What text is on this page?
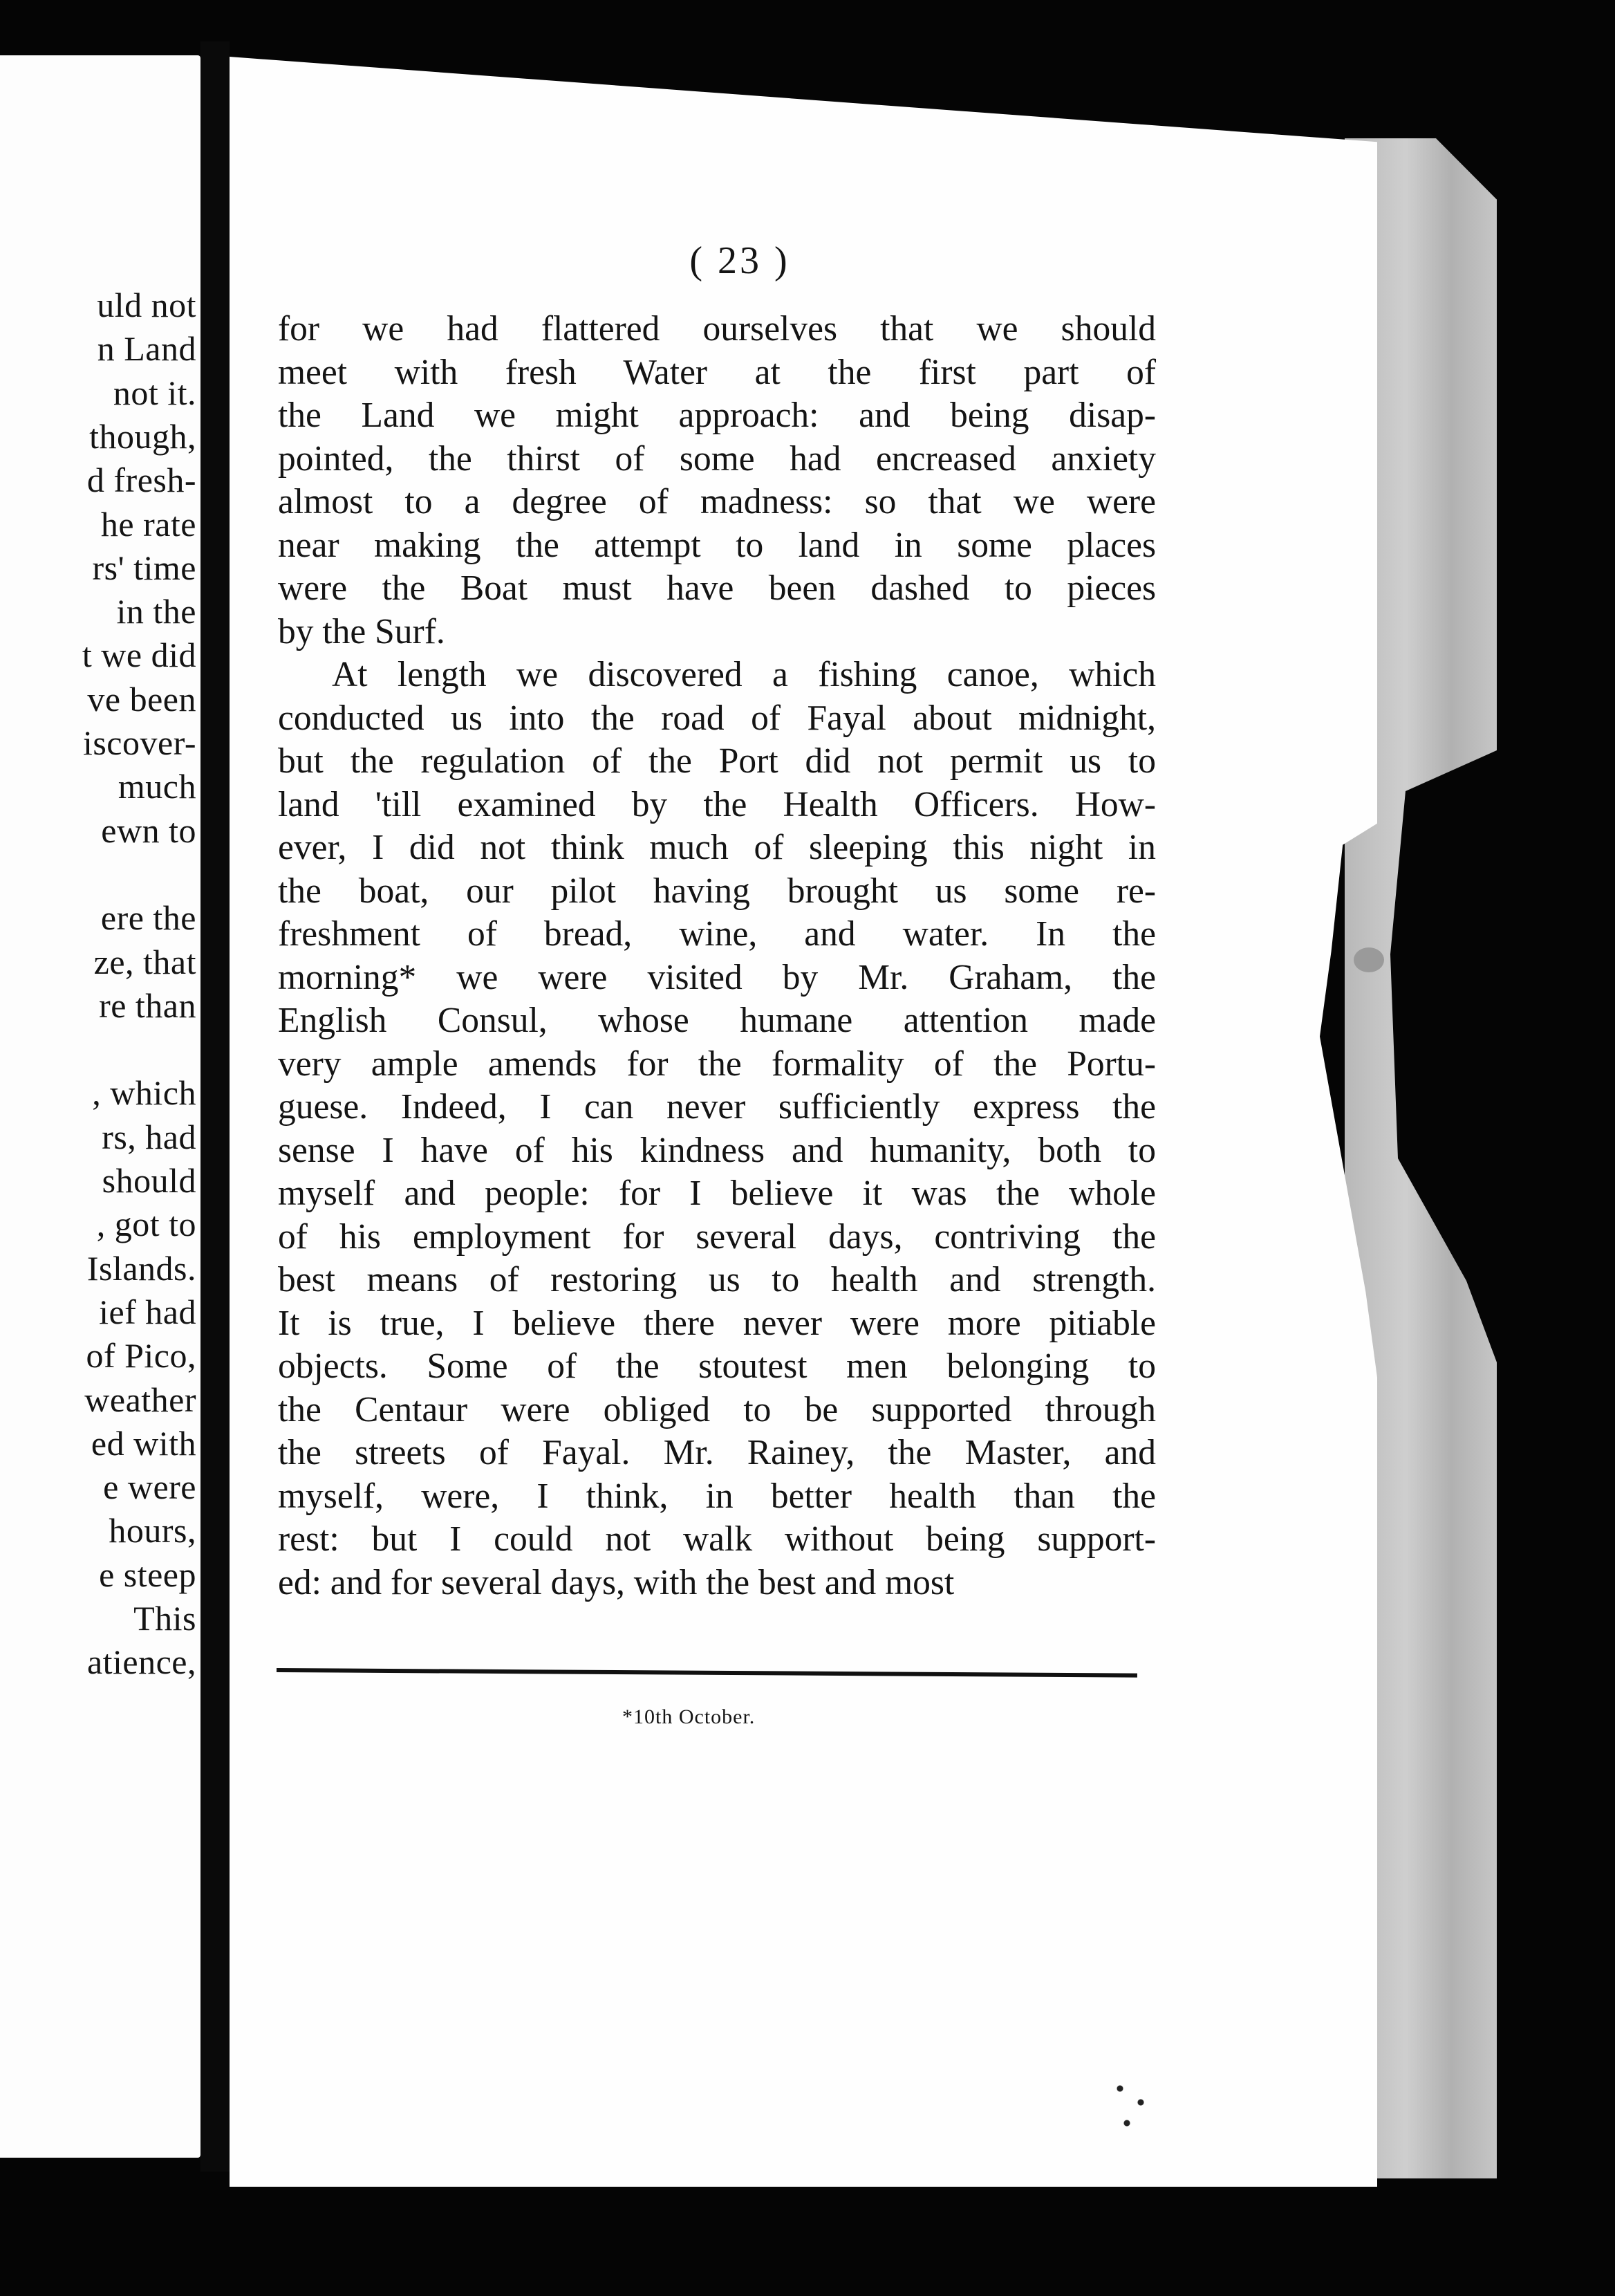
uld not
n Land
not it.
though,
d fresh-
he rate
rs' time
in the
t we did
ve been
iscover-
much
ewn to
ere the
ze, that
re than
, which
rs, had
should
, got to
Islands.
ief had
of Pico,
weather
ed with
e were
hours,
e steep
This
atience,
( 23 )
for we had flattered ourselves that we should
meet with fresh Water at the first part of
the Land we might approach: and being disap-
pointed, the thirst of some had encreased anxiety
almost to a degree of madness: so that we were
near making the attempt to land in some places
were the Boat must have been dashed to pieces
by the Surf.
At length we discovered a fishing canoe, which
conducted us into the road of Fayal about midnight,
but the regulation of the Port did not permit us to
land 'till examined by the Health Officers. How-
ever, I did not think much of sleeping this night in
the boat, our pilot having brought us some re-
freshment of bread, wine, and water. In the
morning* we were visited by Mr. Graham, the
English Consul, whose humane attention made
very ample amends for the formality of the Portu-
guese. Indeed, I can never sufficiently express the
sense I have of his kindness and humanity, both to
myself and people: for I believe it was the whole
of his employment for several days, contriving the
best means of restoring us to health and strength.
It is true, I believe there never were more pitiable
objects. Some of the stoutest men belonging to
the Centaur were obliged to be supported through
the streets of Fayal. Mr. Rainey, the Master, and
myself, were, I think, in better health than the
rest: but I could not walk without being support-
ed: and for several days, with the best and most
*10th October.
